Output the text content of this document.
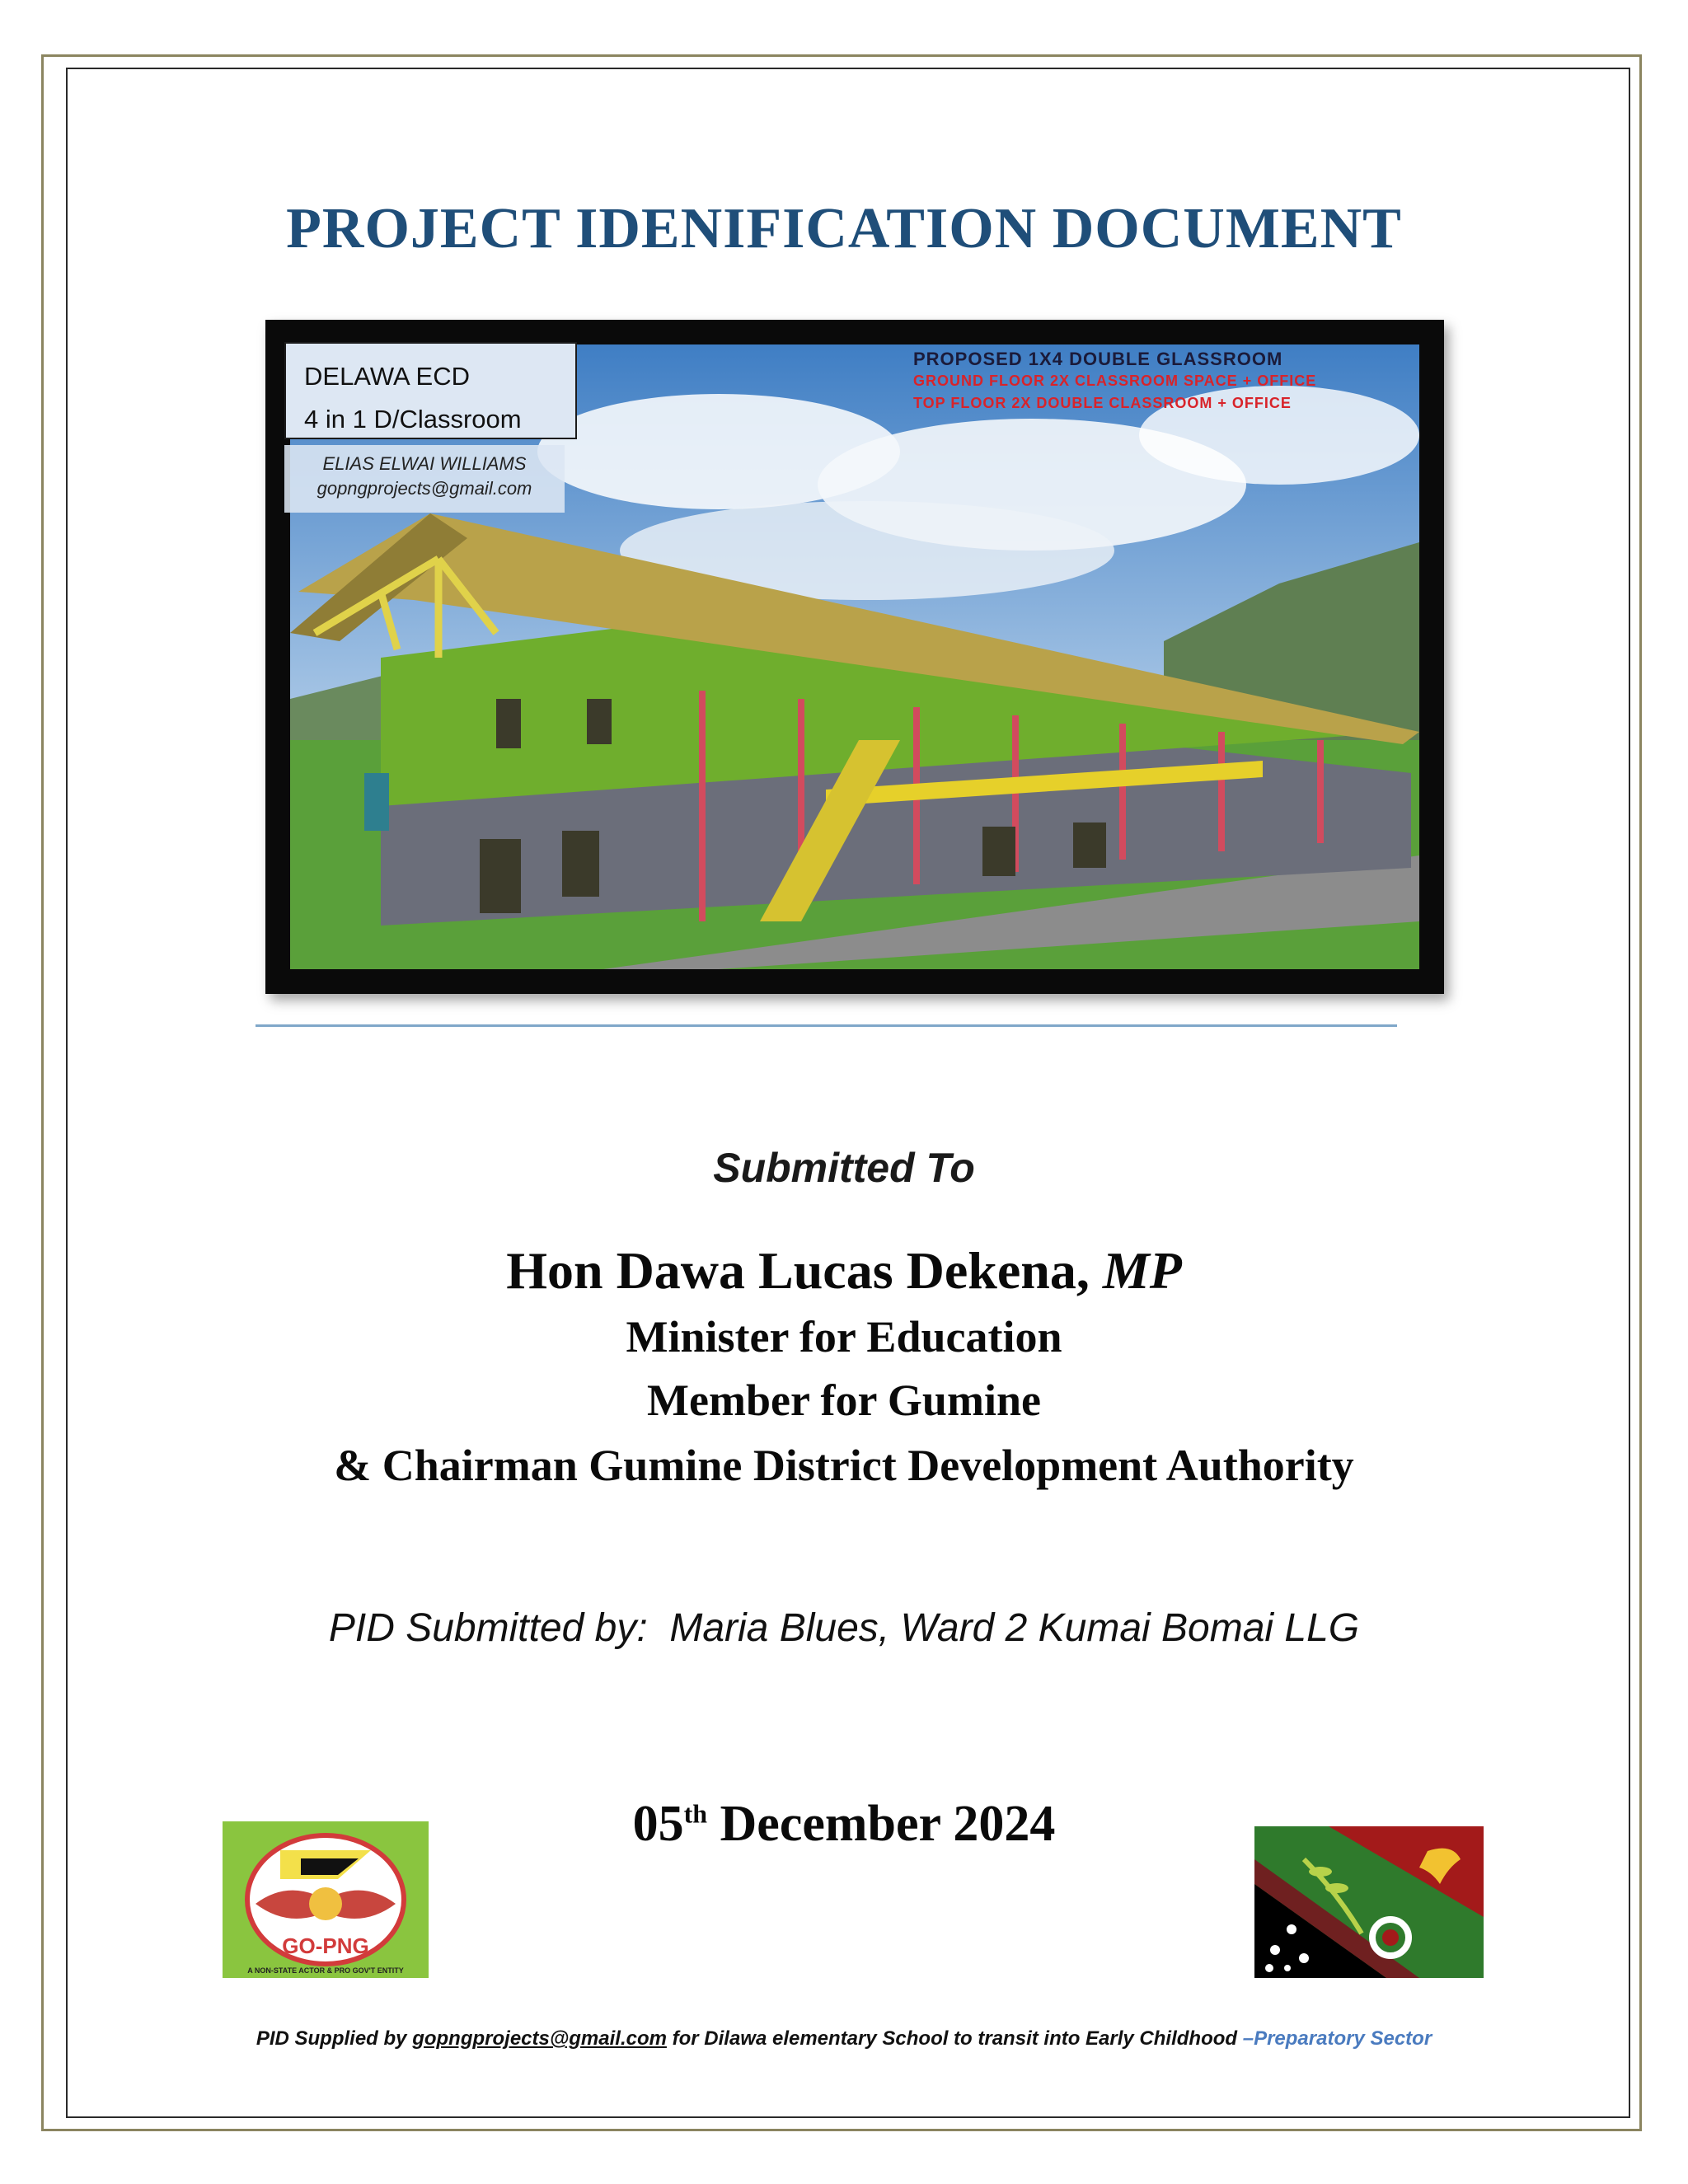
PROJECT IDENIFICATION DOCUMENT
DELAWA ECD
4 in 1 D/Classroom
ELIAS ELWAI WILLIAMS
gopngprojects@gmail.com
PROPOSED 1X4 DOUBLE GLASSROOM
GROUND FLOOR 2X CLASSROOM SPACE + OFFICE
TOP FLOOR 2X DOUBLE CLASSROOM + OFFICE
Submitted To
Hon Dawa Lucas Dekena, MP
Minister for Education
Member for Gumine
& Chairman Gumine District Development Authority
PID Submitted by:  Maria Blues, Ward 2 Kumai Bomai LLG
05th December 2024
GO-PNG
A NON-STATE ACTOR & PRO GOV'T ENTITY
PID Supplied by gopngprojects@gmail.com for Dilawa elementary School to transit into Early Childhood –Preparatory Sector
